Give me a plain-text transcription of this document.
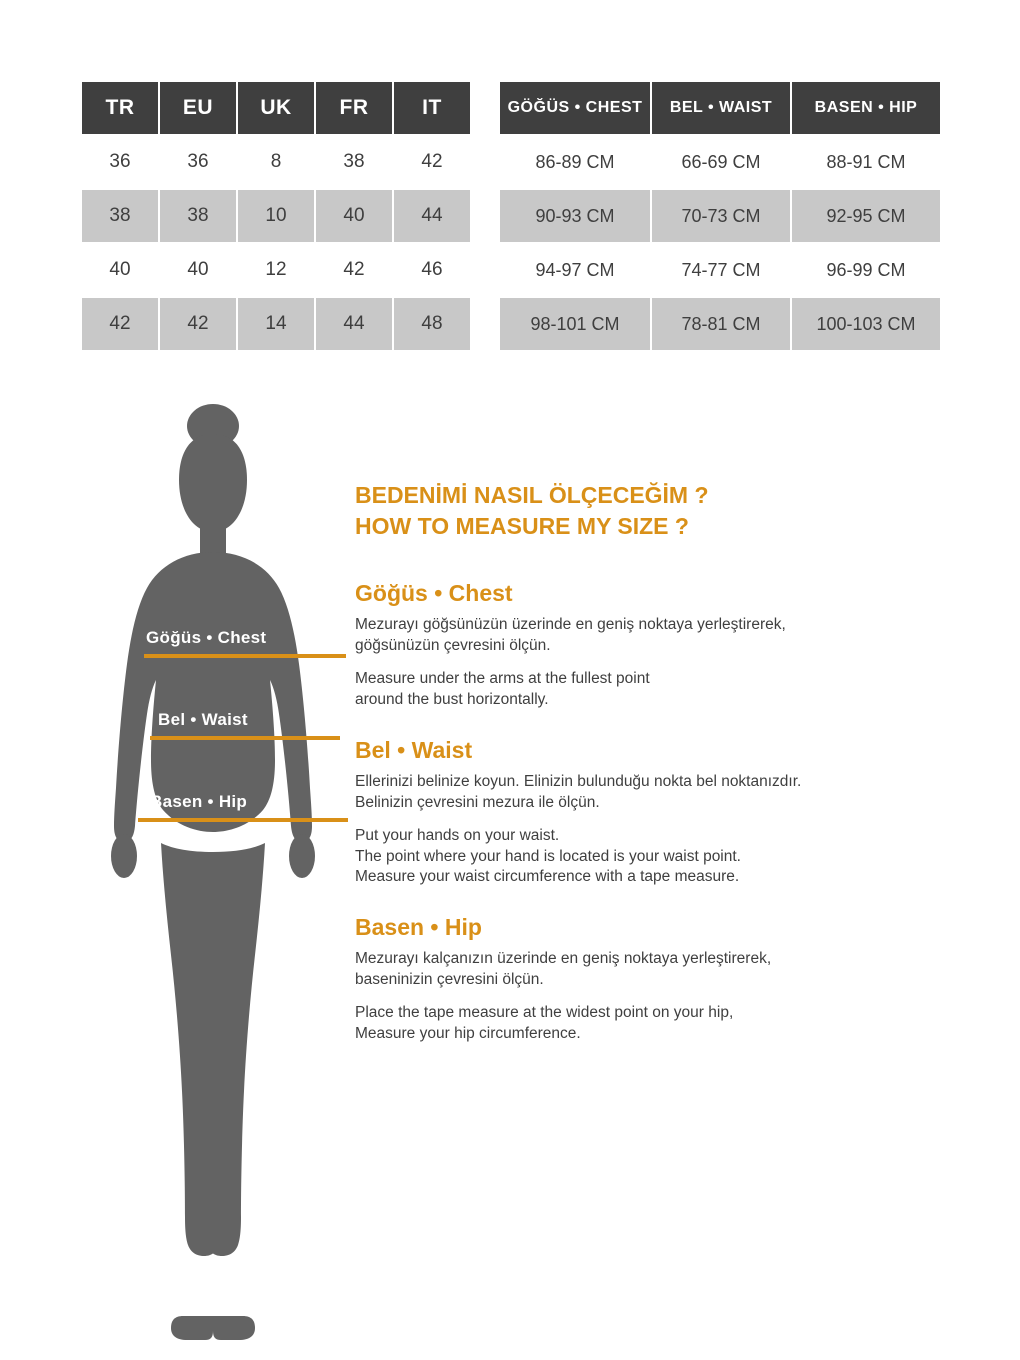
TR	EU	UK	FR	IT
36	36	8	38	42
38	38	10	40	44
40	40	12	42	46
42	42	14	44	48
GÖĞÜS • CHEST	BEL • WAIST	BASEN • HIP
86-89 CM	66-69 CM	88-91 CM
90-93 CM	70-73 CM	92-95 CM
94-97 CM	74-77 CM	96-99 CM
98-101 CM	78-81 CM	100-103 CM
Göğüs • Chest
Bel • Waist
Basen • Hip
BEDENİMİ NASIL ÖLÇECEĞİM ?
HOW TO MEASURE MY SIZE ?
Göğüs • Chest

Mezurayı göğsünüzün üzerinde en geniş noktaya yerleştirerek,
göğsünüzün çevresini ölçün.

Measure under the arms at the fullest point
around the bust horizontally.

Bel • Waist

Ellerinizi belinize koyun. Elinizin bulunduğu nokta bel noktanızdır.
Belinizin çevresini mezura ile ölçün.

Put your hands on your waist.
The point where your hand is located is your waist point.
Measure your waist circumference with a tape measure.

Basen • Hip

Mezurayı kalçanızın üzerinde en geniş noktaya yerleştirerek,
baseninizin çevresini ölçün.

Place the tape measure at the widest point on your hip,
Measure your hip circumference.
